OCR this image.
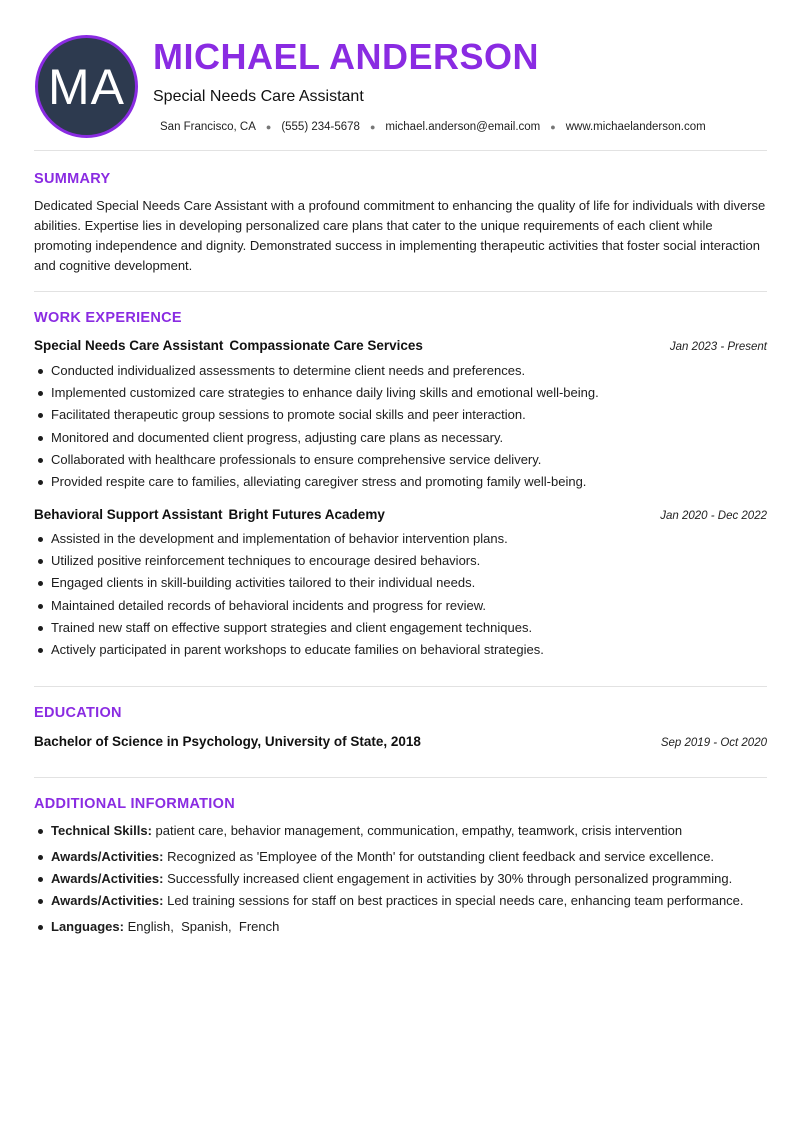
MA
MICHAEL ANDERSON
Special Needs Care Assistant
San Francisco, CA ● (555) 234-5678 ● michael.anderson@email.com ● www.michaelanderson.com
SUMMARY
Dedicated Special Needs Care Assistant with a profound commitment to enhancing the quality of life for individuals with diverse abilities. Expertise lies in developing personalized care plans that cater to the unique requirements of each client while promoting independence and dignity. Demonstrated success in implementing therapeutic activities that foster social interaction and cognitive development.
WORK EXPERIENCE
Special Needs Care Assistant Compassionate Care Services	Jan 2023 - Present
Conducted individualized assessments to determine client needs and preferences.
Implemented customized care strategies to enhance daily living skills and emotional well-being.
Facilitated therapeutic group sessions to promote social skills and peer interaction.
Monitored and documented client progress, adjusting care plans as necessary.
Collaborated with healthcare professionals to ensure comprehensive service delivery.
Provided respite care to families, alleviating caregiver stress and promoting family well-being.
Behavioral Support Assistant Bright Futures Academy	Jan 2020 - Dec 2022
Assisted in the development and implementation of behavior intervention plans.
Utilized positive reinforcement techniques to encourage desired behaviors.
Engaged clients in skill-building activities tailored to their individual needs.
Maintained detailed records of behavioral incidents and progress for review.
Trained new staff on effective support strategies and client engagement techniques.
Actively participated in parent workshops to educate families on behavioral strategies.
EDUCATION
Bachelor of Science in Psychology, University of State, 2018	Sep 2019 - Oct 2020
ADDITIONAL INFORMATION
Technical Skills: patient care, behavior management, communication, empathy, teamwork, crisis intervention
Awards/Activities: Recognized as 'Employee of the Month' for outstanding client feedback and service excellence.
Awards/Activities: Successfully increased client engagement in activities by 30% through personalized programming.
Awards/Activities: Led training sessions for staff on best practices in special needs care, enhancing team performance.
Languages: English,  Spanish,  French
